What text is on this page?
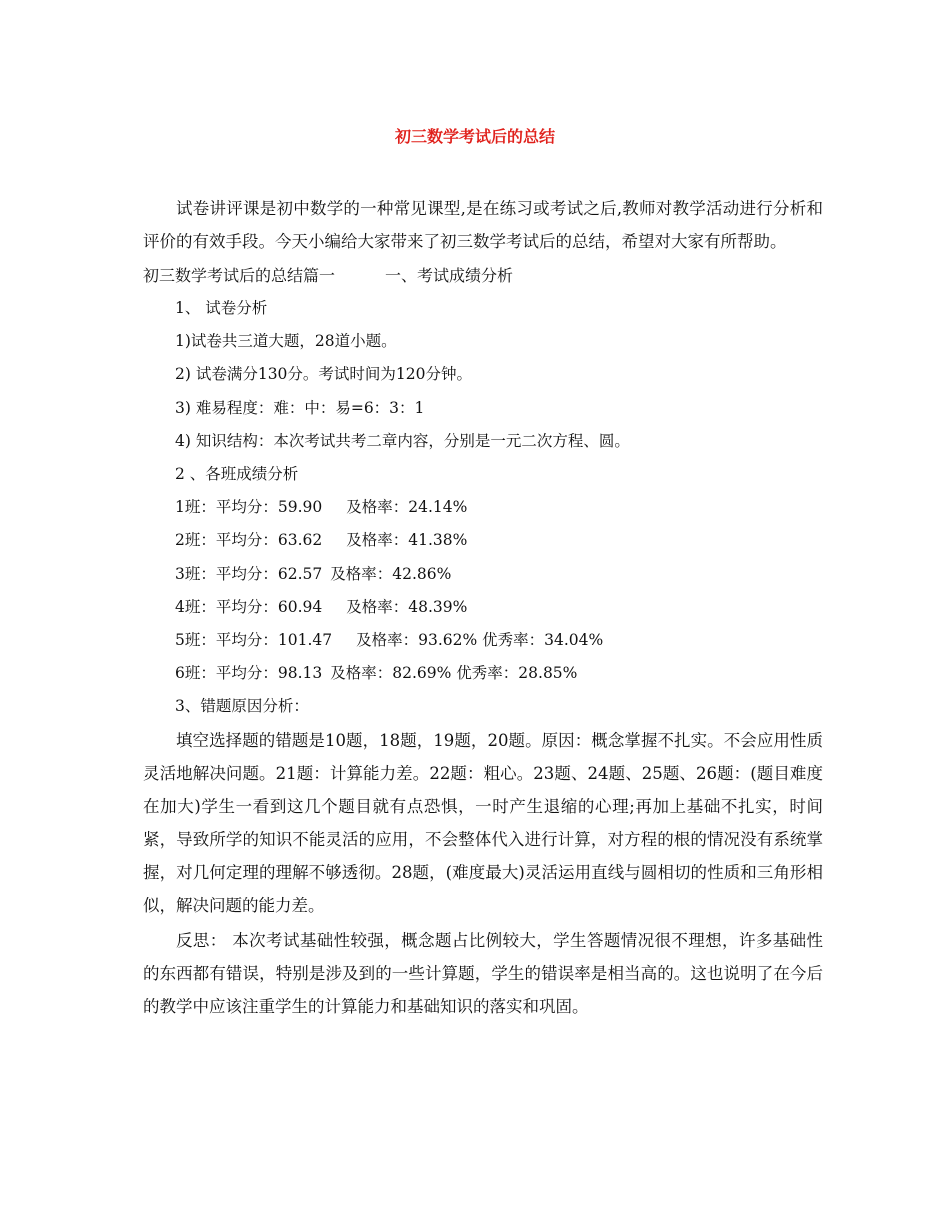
初三数学考试后的总结

试卷讲评课是初中数学的一种常见课型,是在练习或考试之后,教师对教学活动进行分析和评价的有效手段。今天小编给大家带来了初三数学考试后的总结，希望对大家有所帮助。

初三数学考试后的总结篇一	一、考试成绩分析
1、 试卷分析
1)试卷共三道大题，28道小题。
2) 试卷满分130分。考试时间为120分钟。
3) 难易程度：难：中：易=6：3：1
4) 知识结构：本次考试共考二章内容，分别是一元二次方程、圆。
2 、各班成绩分析
1班：平均分：59.90 及格率：24.14%
2班：平均分：63.62 及格率：41.38%
3班：平均分：62.57 及格率：42.86%
4班：平均分：60.94 及格率：48.39%
5班：平均分：101.47 及格率：93.62% 优秀率：34.04%
6班：平均分：98.13 及格率：82.69% 优秀率：28.85%
3、错题原因分析：

填空选择题的错题是10题，18题，19题，20题。原因：概念掌握不扎实。不会应用性质灵活地解决问题。21题：计算能力差。22题：粗心。23题、24题、25题、26题：(题目难度在加大)学生一看到这几个题目就有点恐惧，一时产生退缩的心理;再加上基础不扎实，时间紧，导致所学的知识不能灵活的应用，不会整体代入进行计算，对方程的根的情况没有系统掌握，对几何定理的理解不够透彻。28题，(难度最大)灵活运用直线与圆相切的性质和三角形相似，解决问题的能力差。

反思： 本次考试基础性较强，概念题占比例较大，学生答题情况很不理想，许多基础性的东西都有错误，特别是涉及到的一些计算题，学生的错误率是相当高的。这也说明了在今后的教学中应该注重学生的计算能力和基础知识的落实和巩固。
